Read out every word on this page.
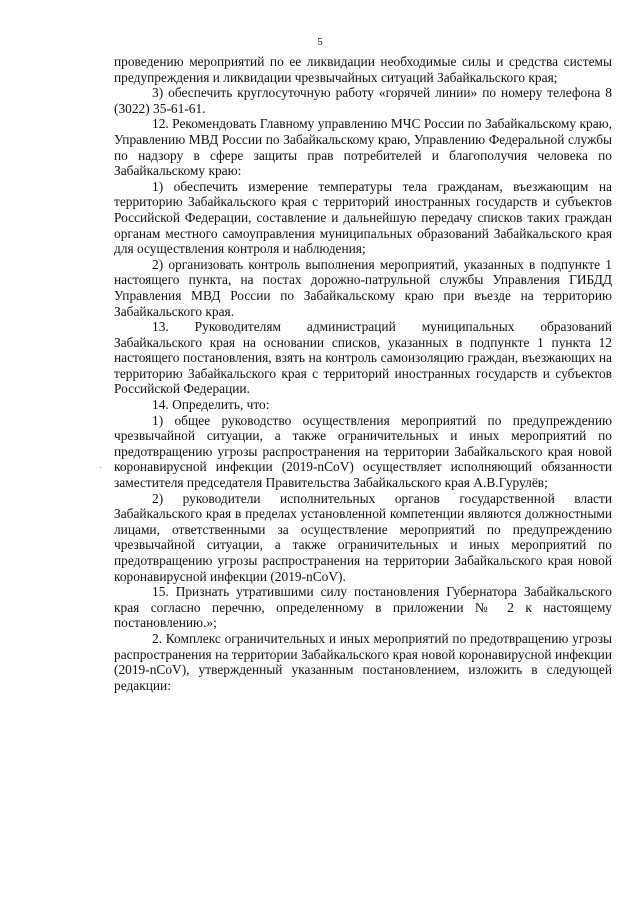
5

проведению мероприятий по ее ликвидации необходимые силы и средства системы предупреждения и ликвидации чрезвычайных ситуаций Забайкальского края;

3) обеспечить круглосуточную работу «горячей линии» по номеру телефона 8 (3022) 35-61-61.

12. Рекомендовать Главному управлению МЧС России по Забайкальскому краю, Управлению МВД России по Забайкальскому краю, Управлению Федеральной службы по надзору в сфере защиты прав потребителей и благополучия человека по Забайкальскому краю:

1) обеспечить измерение температуры тела гражданам, въезжающим на территорию Забайкальского края с территорий иностранных государств и субъектов Российской Федерации, составление и дальнейшую передачу списков таких граждан органам местного самоуправления муниципальных образований Забайкальского края для осуществления контроля и наблюдения;

2) организовать контроль выполнения мероприятий, указанных в подпункте 1 настоящего пункта, на постах дорожно-патрульной службы Управления ГИБДД Управления МВД России по Забайкальскому краю при въезде на территорию Забайкальского края.

13. Руководителям администраций муниципальных образований Забайкальского края на основании списков, указанных в подпункте 1 пункта 12 настоящего постановления, взять на контроль самоизоляцию граждан, въезжающих на территорию Забайкальского края с территорий иностранных государств и субъектов Российской Федерации.

14. Определить, что:

1) общее руководство осуществления мероприятий по предупреждению чрезвычайной ситуации, а также ограничительных и иных мероприятий по предотвращению угрозы распространения на территории Забайкальского края новой коронавирусной инфекции (2019-nCoV) осуществляет исполняющий обязанности заместителя председателя Правительства Забайкальского края А.В.Гурулёв;

2) руководители исполнительных органов государственной власти Забайкальского края в пределах установленной компетенции являются должностными лицами, ответственными за осуществление мероприятий по предупреждению чрезвычайной ситуации, а также ограничительных и иных мероприятий по предотвращению угрозы распространения на территории Забайкальского края новой коронавирусной инфекции (2019-nCoV).

15. Признать утратившими силу постановления Губернатора Забайкальского края согласно перечню, определенному в приложении № 2 к настоящему постановлению.»;

2. Комплекс ограничительных и иных мероприятий по предотвращению угрозы распространения на территории Забайкальского края новой коронавирусной инфекции (2019-nCoV), утвержденный указанным постановлением, изложить в следующей редакции:
